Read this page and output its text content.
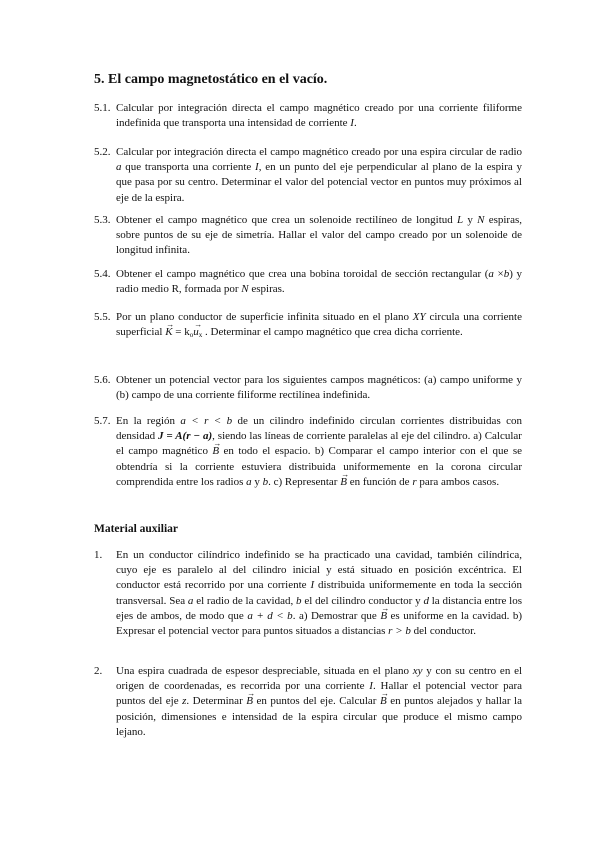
5. El campo magnetostático en el vacío.
5.1. Calcular por integración directa el campo magnético creado por una corriente filiforme indefinida que transporta una intensidad de corriente I.
5.2. Calcular por integración directa el campo magnético creado por una espira circular de radio a que transporta una corriente I, en un punto del eje perpendicular al plano de la espira y que pasa por su centro. Determinar el valor del potencial vector en puntos muy próximos al eje de la espira.
5.3. Obtener el campo magnético que crea un solenoide rectilíneo de longitud L y N espiras, sobre puntos de su eje de simetría. Hallar el valor del campo creado por un solenoide de longitud infinita.
5.4. Obtener el campo magnético que crea una bobina toroidal de sección rectangular (a ×b) y radio medio R, formada por N espiras.
5.5. Por un plano conductor de superficie infinita situado en el plano XY circula una corriente superficial → $K = k_o\to u_x$ . Determinar el campo magnético que crea dicha corriente.
5.6. Obtener un potencial vector para los siguientes campos magnéticos: (a) campo uniforme y (b) campo de una corriente filiforme rectilínea indefinida.
5.7. En la región a < r < b de un cilindro indefinido circulan corrientes distribuidas con densidad J = A(r − a), siendo las líneas de corriente paralelas al eje del cilindro. a) Calcular el campo magnético → B en todo el espacio. b) Comparar el campo interior con el que se obtendría si la corriente estuviera distribuida uniformemente en la corona circular comprendida entre los radios a y b. c) Representar → B en función de r para ambos casos.
Material auxiliar
1. En un conductor cilíndrico indefinido se ha practicado una cavidad, también cilíndrica, cuyo eje es paralelo al del cilindro inicial y está situado en posición excéntrica. El conductor está recorrido por una corriente I distribuida uniformemente en toda la sección transversal. Sea a el radio de la cavidad, b el del cilindro conductor y d la distancia entre los ejes de ambos, de modo que a + d < b. a) Demostrar que → B es uniforme en la cavidad. b) Expresar el potencial vector para puntos situados a distancias r > b del conductor.
2. Una espira cuadrada de espesor despreciable, situada en el plano xy y con su centro en el origen de coordenadas, es recorrida por una corriente I. Hallar el potencial vector para puntos del eje z. Determinar → B en puntos del eje. Calcular → B en puntos alejados y hallar la posición, dimensiones e intensidad de la espira circular que produce el mismo campo lejano.
